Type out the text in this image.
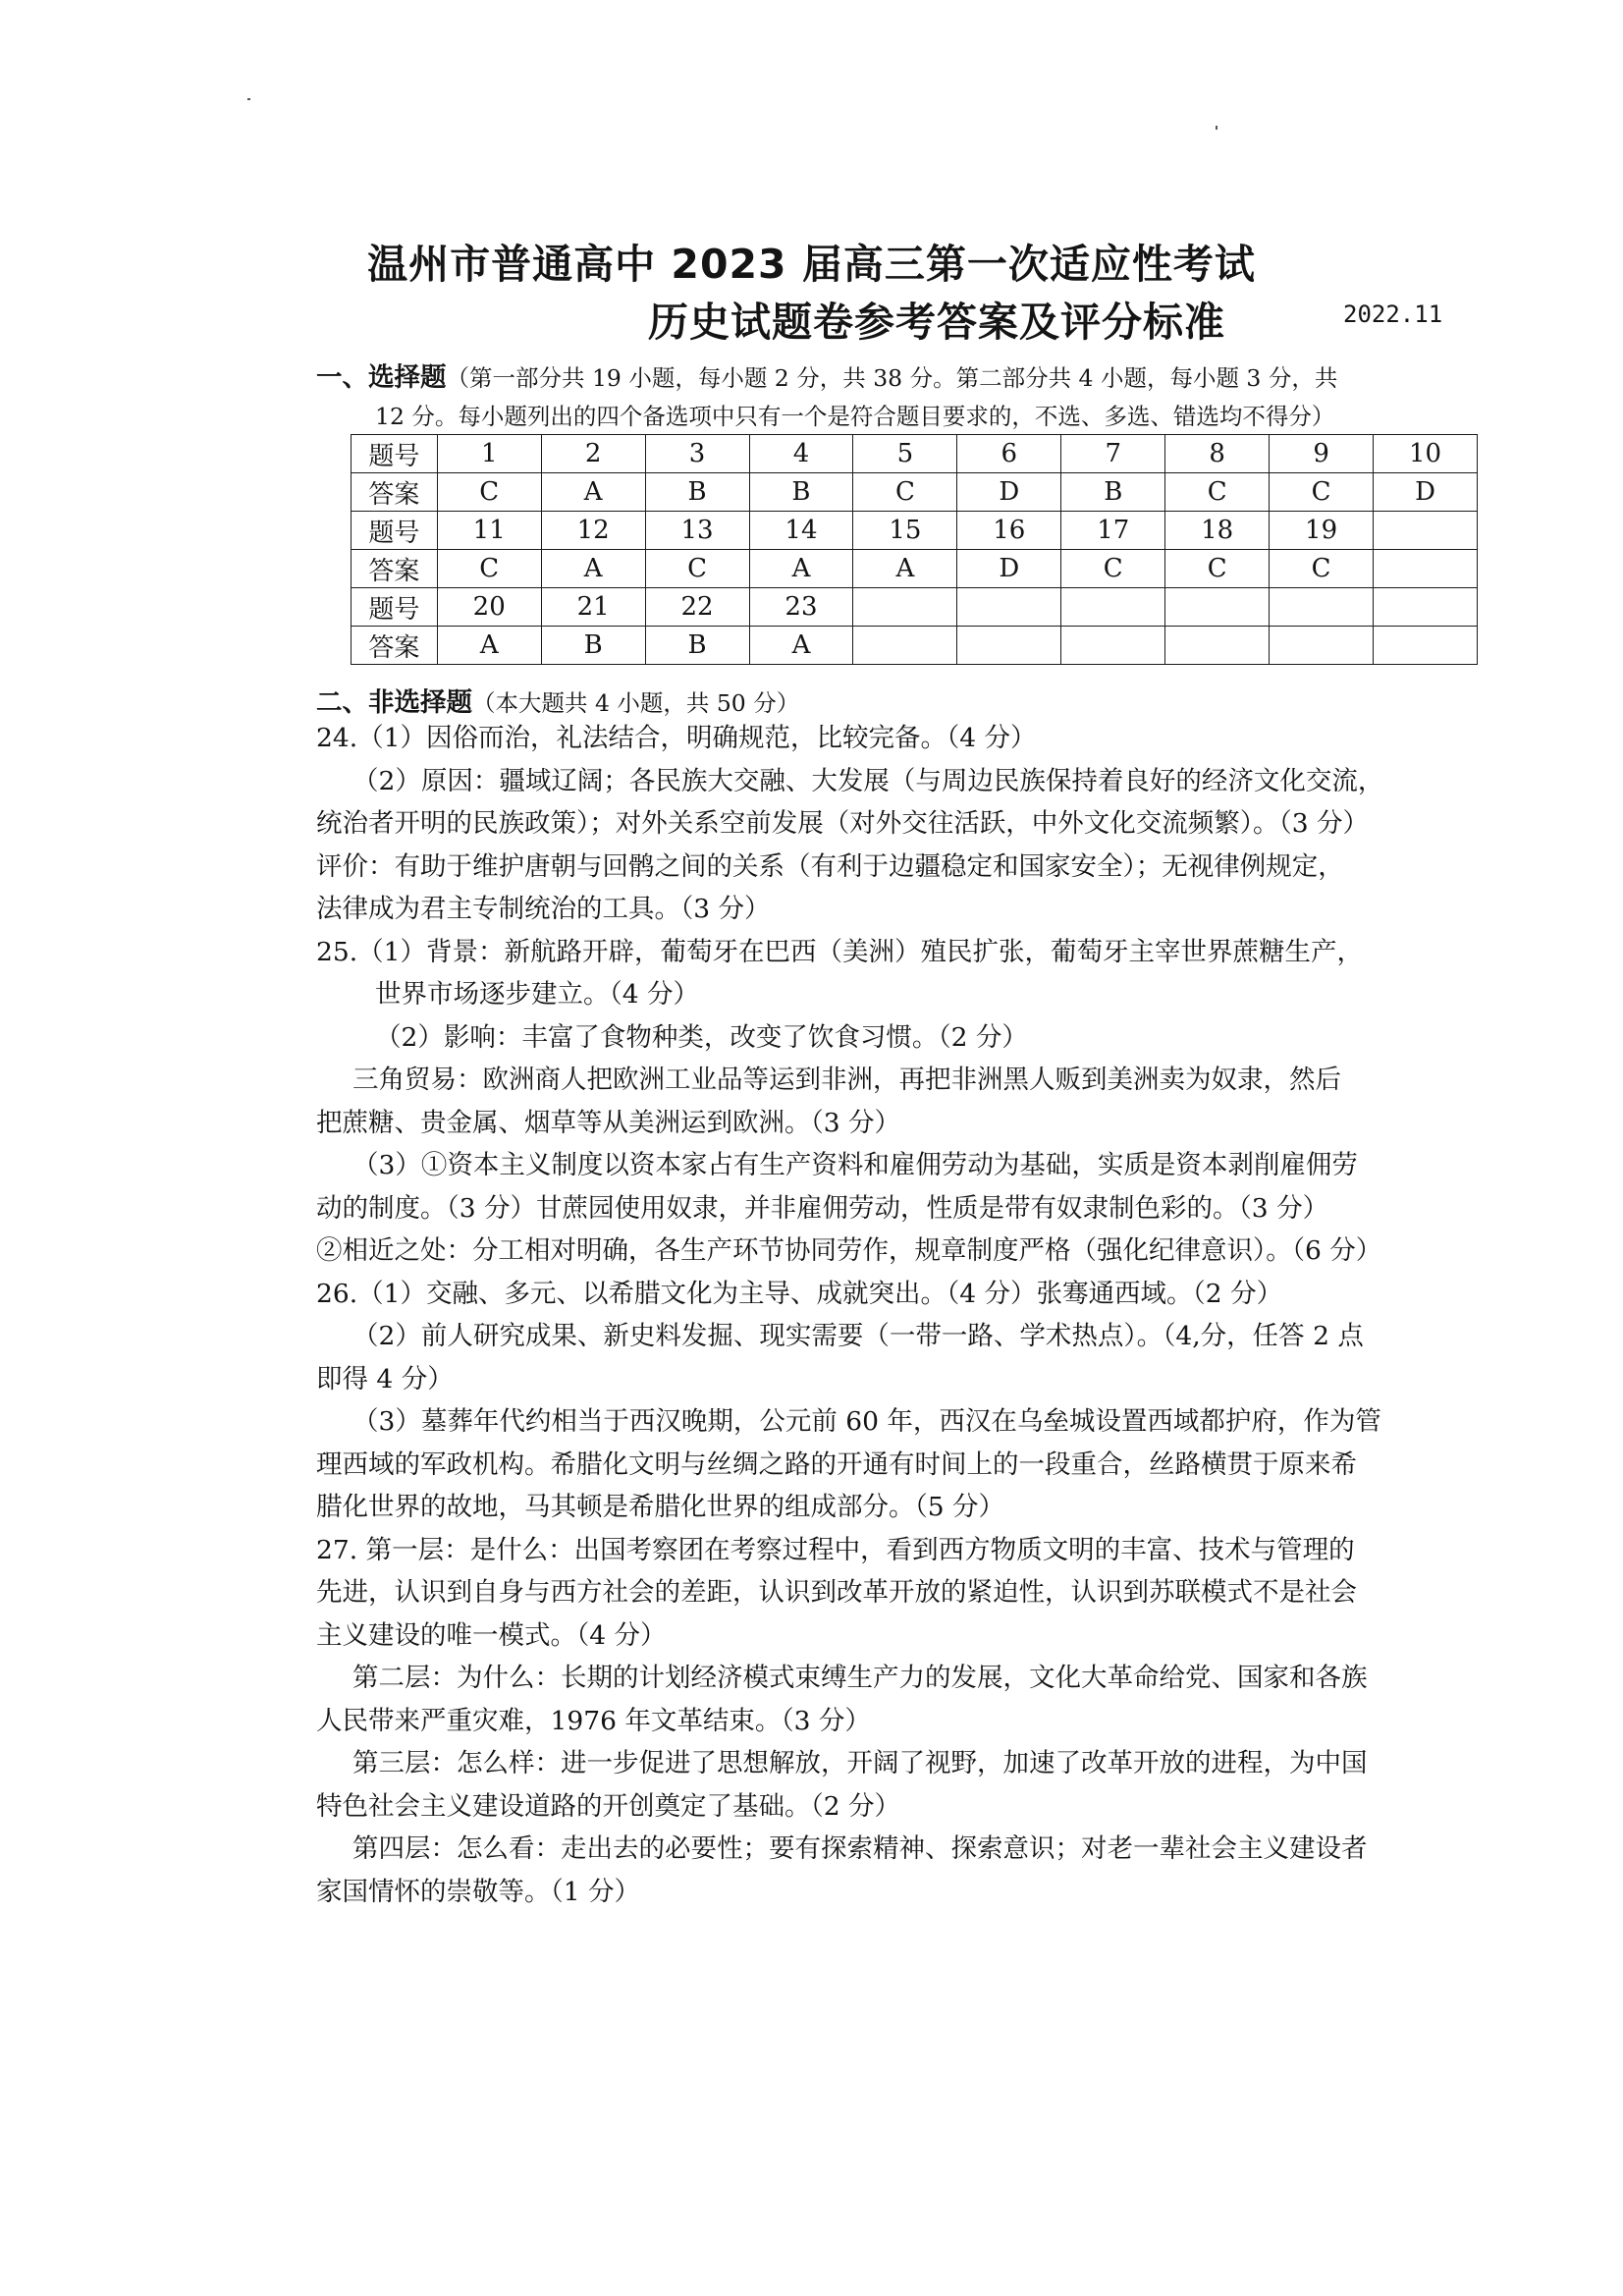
温州市普通高中 2023 届高三第一次适应性考试
历史试题卷参考答案及评分标准	2022.11
一、选择题（第一部分共 19 小题，每小题 2 分，共 38 分。第二部分共 4 小题，每小题 3 分，共
12 分。每小题列出的四个备选项中只有一个是符合题目要求的，不选、多选、错选均不得分）
题号	1	2	3	4	5	6	7	8	9	10
答案	C	A	B	B	C	D	B	C	C	D
题号	11	12	13	14	15	16	17	18	19	
答案	C	A	C	A	A	D	C	C	C	
题号	20	21	22	23						
答案	A	B	B	A						
二、非选择题（本大题共 4 小题，共 50 分）
24.（1）因俗而治，礼法结合，明确规范，比较完备。（4 分）
（2）原因：疆域辽阔；各民族大交融、大发展（与周边民族保持着良好的经济文化交流，
统治者开明的民族政策）；对外关系空前发展（对外交往活跃，中外文化交流频繁）。（3 分）
评价：有助于维护唐朝与回鹘之间的关系（有利于边疆稳定和国家安全）；无视律例规定，
法律成为君主专制统治的工具。（3 分）
25.（1）背景：新航路开辟，葡萄牙在巴西（美洲）殖民扩张，葡萄牙主宰世界蔗糖生产，
世界市场逐步建立。（4 分）
（2）影响：丰富了食物种类，改变了饮食习惯。（2 分）
三角贸易：欧洲商人把欧洲工业品等运到非洲，再把非洲黑人贩到美洲卖为奴隶，然后
把蔗糖、贵金属、烟草等从美洲运到欧洲。（3 分）
（3）①资本主义制度以资本家占有生产资料和雇佣劳动为基础，实质是资本剥削雇佣劳
动的制度。（3 分）甘蔗园使用奴隶，并非雇佣劳动，性质是带有奴隶制色彩的。（3 分）
②相近之处：分工相对明确，各生产环节协同劳作，规章制度严格（强化纪律意识）。（6 分）
26.（1）交融、多元、以希腊文化为主导、成就突出。（4 分）张骞通西域。（2 分）
（2）前人研究成果、新史料发掘、现实需要（一带一路、学术热点）。（4,分，任答 2 点
即得 4 分）
（3）墓葬年代约相当于西汉晚期，公元前 60 年，西汉在乌垒城设置西域都护府，作为管
理西域的军政机构。希腊化文明与丝绸之路的开通有时间上的一段重合，丝路横贯于原来希
腊化世界的故地，马其顿是希腊化世界的组成部分。（5 分）
27. 第一层：是什么：出国考察团在考察过程中，看到西方物质文明的丰富、技术与管理的
先进，认识到自身与西方社会的差距，认识到改革开放的紧迫性，认识到苏联模式不是社会
主义建设的唯一模式。（4 分）
第二层：为什么：长期的计划经济模式束缚生产力的发展，文化大革命给党、国家和各族
人民带来严重灾难，1976 年文革结束。（3 分）
第三层：怎么样：进一步促进了思想解放，开阔了视野，加速了改革开放的进程，为中国
特色社会主义建设道路的开创奠定了基础。（2 分）
第四层：怎么看：走出去的必要性；要有探索精神、探索意识；对老一辈社会主义建设者
家国情怀的崇敬等。（1 分）
